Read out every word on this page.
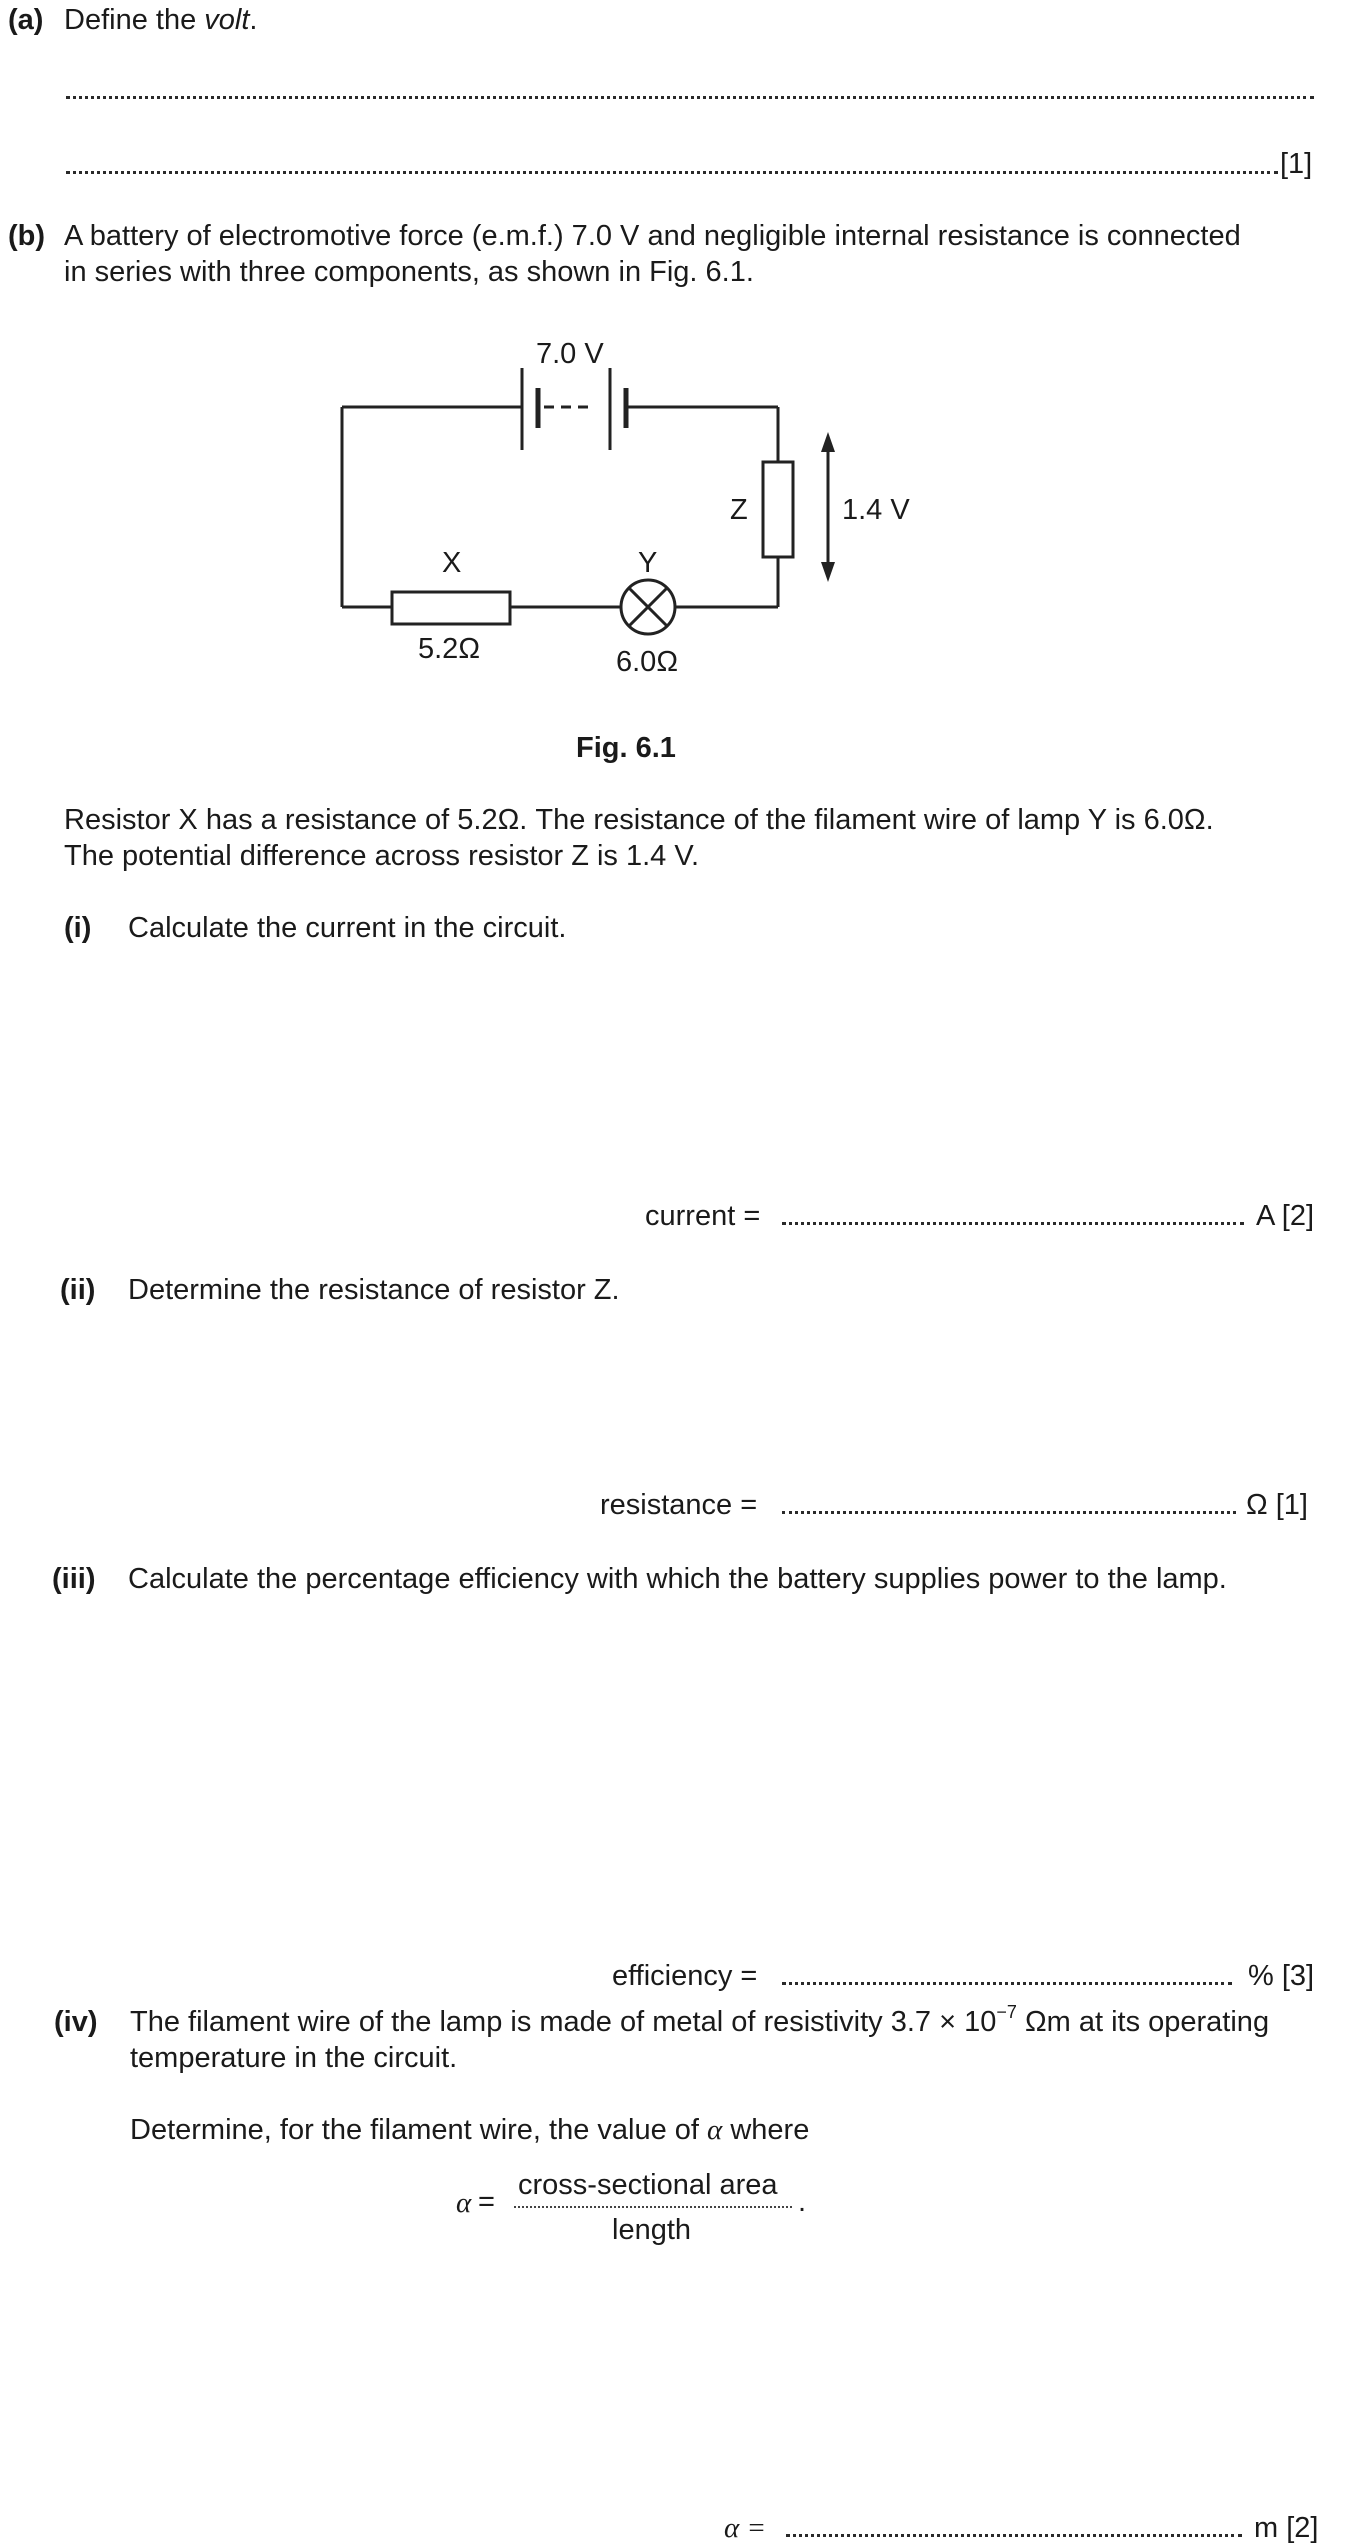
(a) Define the volt.
[1]
(b) A battery of electromotive force (e.m.f.) 7.0 V and negligible internal resistance is connected
in series with three components, as shown in Fig. 6.1.
7.0 V
Z	1.4 V
X
5.2Ω
Y
6.0Ω
Fig. 6.1
Resistor X has a resistance of 5.2Ω. The resistance of the filament wire of lamp Y is 6.0Ω.
The potential difference across resistor Z is 1.4 V.
(i) Calculate the current in the circuit.
current =	A [2]
(ii) Determine the resistance of resistor Z.
resistance =	Ω [1]
(iii) Calculate the percentage efficiency with which the battery supplies power to the lamp.
efficiency =	% [3]
(iv) The filament wire of the lamp is made of metal of resistivity $3.7 \times 10^{-7}$ Ωm at its operating
temperature in the circuit.
Determine, for the filament wire, the value of α where
α =
cross-sectional area
length
.
α =	m [2]
